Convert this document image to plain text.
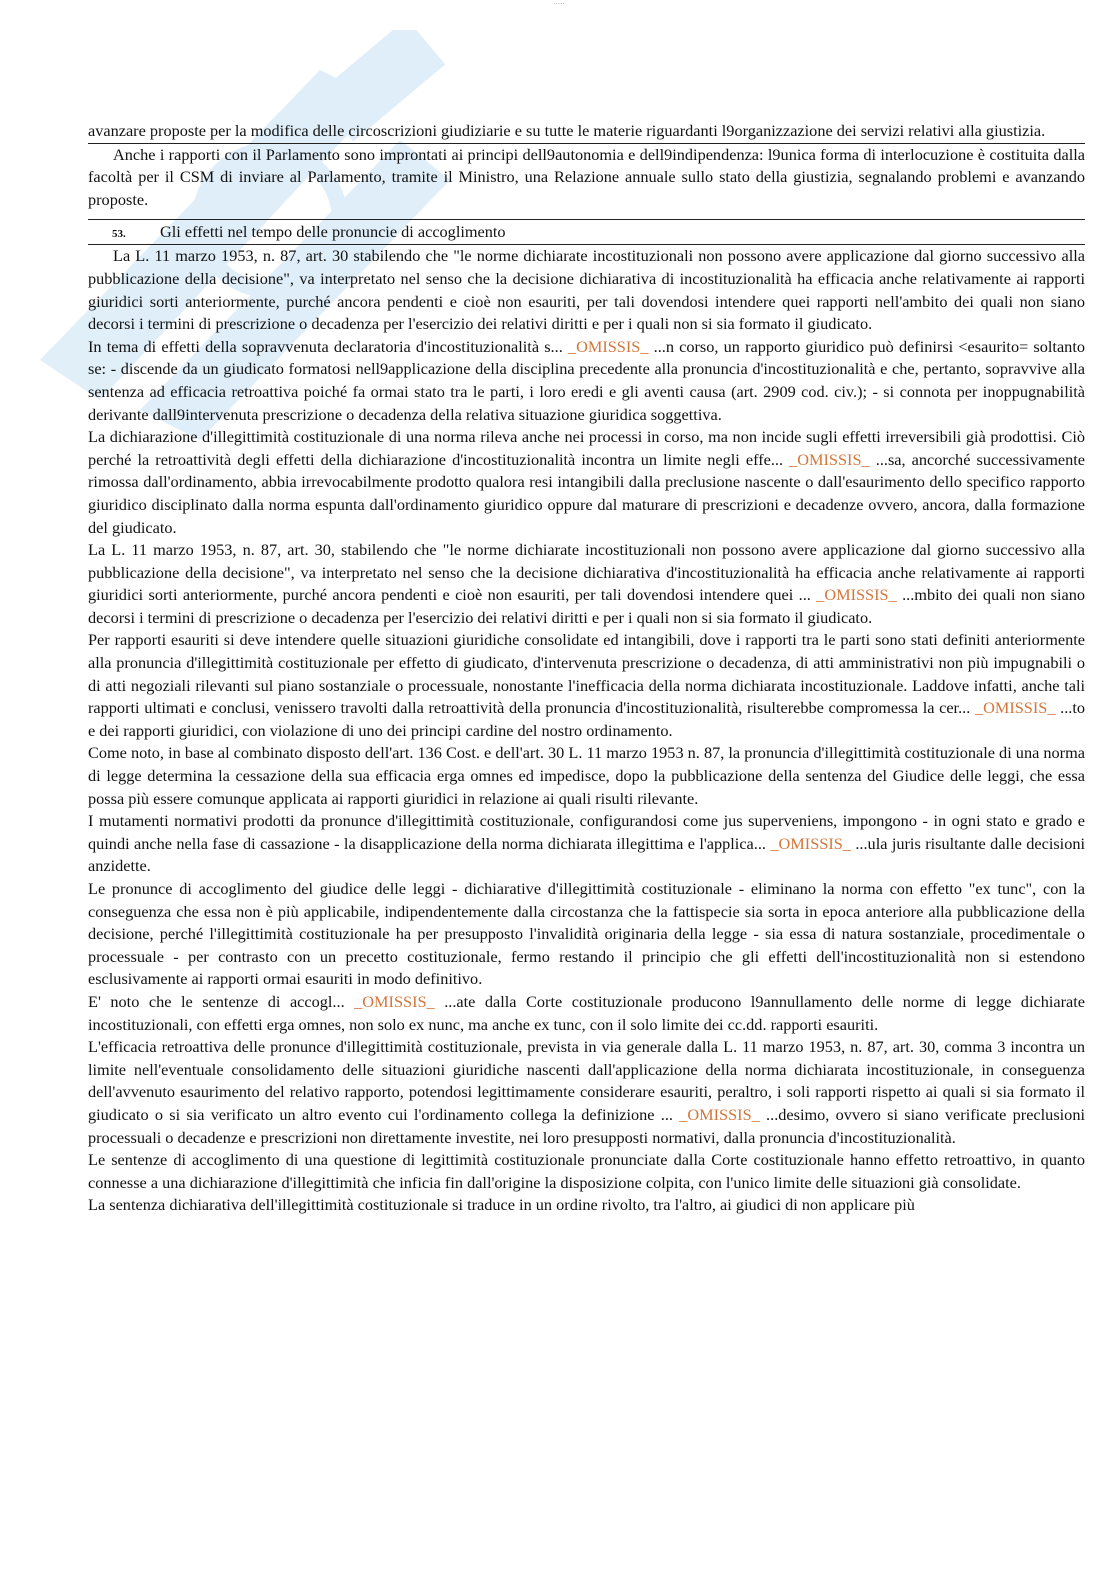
·····

avanzare proposte per la modifica delle circoscrizioni giudiziarie e su tutte le materie riguardanti l9organizzazione dei servizi relativi alla giustizia.

Anche i rapporti con il Parlamento sono improntati ai principi dell9autonomia e dell9indipendenza: l9unica forma di interlocuzione è costituita dalla facoltà per il CSM di inviare al Parlamento, tramite il Ministro, una Relazione annuale sullo stato della giustizia, segnalando problemi e avanzando proposte.

53.	Gli effetti nel tempo delle pronuncie di accoglimento

La L. 11 marzo 1953, n. 87, art. 30 stabilendo che "le norme dichiarate incostituzionali non possono avere applicazione dal giorno successivo alla pubblicazione della decisione", va interpretato nel senso che la decisione dichiarativa di incostituzionalità ha efficacia anche relativamente ai rapporti giuridici sorti anteriormente, purché ancora pendenti e cioè non esauriti, per tali dovendosi intendere quei rapporti nell'ambito dei quali non siano decorsi i termini di prescrizione o decadenza per l'esercizio dei relativi diritti e per i quali non si sia formato il giudicato.

In tema di effetti della sopravvenuta declaratoria d'incostituzionalità s... _OMISSIS_ ...n corso, un rapporto giuridico può definirsi <esaurito= soltanto se: - discende da un giudicato formatosi nell9applicazione della disciplina precedente alla pronuncia d'incostituzionalità e che, pertanto, sopravvive alla sentenza ad efficacia retroattiva poiché fa ormai stato tra le parti, i loro eredi e gli aventi causa (art. 2909 cod. civ.); - si connota per inoppugnabilità derivante dall9intervenuta prescrizione o decadenza della relativa situazione giuridica soggettiva.

La dichiarazione d'illegittimità costituzionale di una norma rileva anche nei processi in corso, ma non incide sugli effetti irreversibili già prodottisi. Ciò perché la retroattività degli effetti della dichiarazione d'incostituzionalità incontra un limite negli effe... _OMISSIS_ ...sa, ancorché successivamente rimossa dall'ordinamento, abbia irrevocabilmente prodotto qualora resi intangibili dalla preclusione nascente o dall'esaurimento dello specifico rapporto giuridico disciplinato dalla norma espunta dall'ordinamento giuridico oppure dal maturare di prescrizioni e decadenze ovvero, ancora, dalla formazione del giudicato.

La L. 11 marzo 1953, n. 87, art. 30, stabilendo che "le norme dichiarate incostituzionali non possono avere applicazione dal giorno successivo alla pubblicazione della decisione", va interpretato nel senso che la decisione dichiarativa d'incostituzionalità ha efficacia anche relativamente ai rapporti giuridici sorti anteriormente, purché ancora pendenti e cioè non esauriti, per tali dovendosi intendere quei ... _OMISSIS_ ...mbito dei quali non siano decorsi i termini di prescrizione o decadenza per l'esercizio dei relativi diritti e per i quali non si sia formato il giudicato.

Per rapporti esauriti si deve intendere quelle situazioni giuridiche consolidate ed intangibili, dove i rapporti tra le parti sono stati definiti anteriormente alla pronuncia d'illegittimità costituzionale per effetto di giudicato, d'intervenuta prescrizione o decadenza, di atti amministrativi non più impugnabili o di atti negoziali rilevanti sul piano sostanziale o processuale, nonostante l'inefficacia della norma dichiarata incostituzionale. Laddove infatti, anche tali rapporti ultimati e conclusi, venissero travolti dalla retroattività della pronuncia d'incostituzionalità, risulterebbe compromessa la cer... _OMISSIS_ ...to e dei rapporti giuridici, con violazione di uno dei principi cardine del nostro ordinamento.

Come noto, in base al combinato disposto dell'art. 136 Cost. e dell'art. 30 L. 11 marzo 1953 n. 87, la pronuncia d'illegittimità costituzionale di una norma di legge determina la cessazione della sua efficacia erga omnes ed impedisce, dopo la pubblicazione della sentenza del Giudice delle leggi, che essa possa più essere comunque applicata ai rapporti giuridici in relazione ai quali risulti rilevante.

I mutamenti normativi prodotti da pronunce d'illegittimità costituzionale, configurandosi come jus superveniens, impongono - in ogni stato e grado e quindi anche nella fase di cassazione - la disapplicazione della norma dichiarata illegittima e l'applica... _OMISSIS_ ...ula juris risultante dalle decisioni anzidette.

Le pronunce di accoglimento del giudice delle leggi - dichiarative d'illegittimità costituzionale - eliminano la norma con effetto "ex tunc", con la conseguenza che essa non è più applicabile, indipendentemente dalla circostanza che la fattispecie sia sorta in epoca anteriore alla pubblicazione della decisione, perché l'illegittimità costituzionale ha per presupposto l'invalidità originaria della legge - sia essa di natura sostanziale, procedimentale o processuale - per contrasto con un precetto costituzionale, fermo restando il principio che gli effetti dell'incostituzionalità non si estendono esclusivamente ai rapporti ormai esauriti in modo definitivo.

E' noto che le sentenze di accogl... _OMISSIS_ ...ate dalla Corte costituzionale producono l9annullamento delle norme di legge dichiarate incostituzionali, con effetti erga omnes, non solo ex nunc, ma anche ex tunc, con il solo limite dei cc.dd. rapporti esauriti.

L'efficacia retroattiva delle pronunce d'illegittimità costituzionale, prevista in via generale dalla L. 11 marzo 1953, n. 87, art. 30, comma 3 incontra un limite nell'eventuale consolidamento delle situazioni giuridiche nascenti dall'applicazione della norma dichiarata incostituzionale, in conseguenza dell'avvenuto esaurimento del relativo rapporto, potendosi legittimamente considerare esauriti, peraltro, i soli rapporti rispetto ai quali si sia formato il giudicato o si sia verificato un altro evento cui l'ordinamento collega la definizione ... _OMISSIS_ ...desimo, ovvero si siano verificate preclusioni processuali o decadenze e prescrizioni non direttamente investite, nei loro presupposti normativi, dalla pronuncia d'incostituzionalità.

Le sentenze di accoglimento di una questione di legittimità costituzionale pronunciate dalla Corte costituzionale hanno effetto retroattivo, in quanto connesse a una dichiarazione d'illegittimità che inficia fin dall'origine la disposizione colpita, con l'unico limite delle situazioni già consolidate.

La sentenza dichiarativa dell'illegittimità costituzionale si traduce in un ordine rivolto, tra l'altro, ai giudici di non applicare più
